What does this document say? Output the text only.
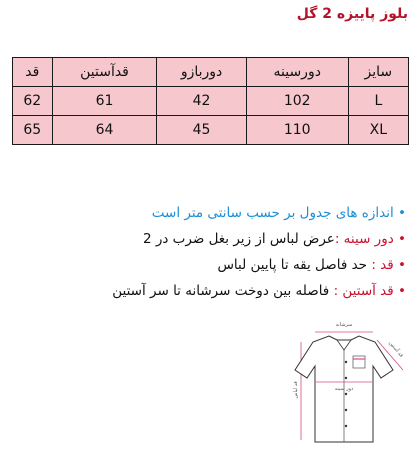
بلوز پاییزه 2 گل
قد	قدآستین	دوربازو	دورسینه	سایز
62	61	42	102	L
65	64	45	110	XL
• اندازه های جدول بر حسب سانتی متر است
• دور سینه :عرض لباس از زیر بغل ضرب در 2
• قد : حد فاصل یقه تا پایین لباس
• قد آستین : فاصله بین دوخت سرشانه تا سر آستین
سرشانه
قد لباس
قد آستین
دور سینه
